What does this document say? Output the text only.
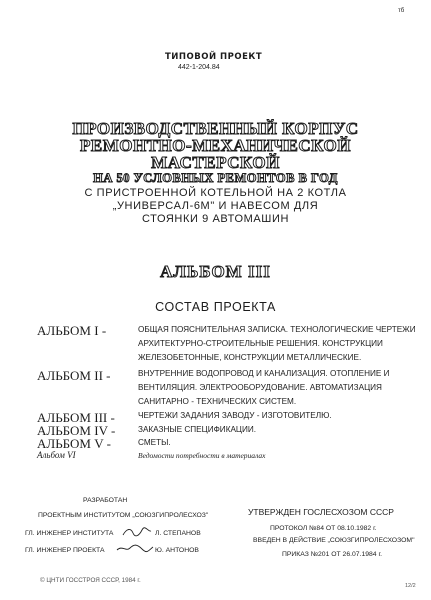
ТИПОВОЙ ПРОЕКТ
442-1-204.84
тб
ПРОИЗВОДСТВЕННЫЙ КОРПУС
РЕМОНТНО-МЕХАНИЧЕСКОЙ
МАСТЕРСКОЙ
НА 50 УСЛОВНЫХ РЕМОНТОВ В ГОД
С ПРИСТРОЕННОЙ КОТЕЛЬНОЙ НА 2 КОТЛА
„УНИВЕРСАЛ-6М" И НАВЕСОМ ДЛЯ
СТОЯНКИ 9 АВТОМАШИН
АЛЬБОМ III
СОСТАВ ПРОЕКТА
АЛЬБОМ I -	ОБЩАЯ ПОЯСНИТЕЛЬНАЯ ЗАПИСКА. ТЕХНОЛОГИЧЕСКИЕ ЧЕРТЕЖИ
АРХИТЕКТУРНО-СТРОИТЕЛЬНЫЕ РЕШЕНИЯ. КОНСТРУКЦИИ
ЖЕЛЕЗОБЕТОННЫЕ, КОНСТРУКЦИИ МЕТАЛЛИЧЕСКИЕ.
АЛЬБОМ II -	ВНУТРЕННИЕ ВОДОПРОВОД И КАНАЛИЗАЦИЯ. ОТОПЛЕНИЕ И
ВЕНТИЛЯЦИЯ. ЭЛЕКТРООБОРУДОВАНИЕ. АВТОМАТИЗАЦИЯ
САНИТАРНО - ТЕХНИЧЕСКИХ СИСТЕМ.
АЛЬБОМ III -	ЧЕРТЕЖИ ЗАДАНИЯ ЗАВОДУ - ИЗГОТОВИТЕЛЮ.
АЛЬБОМ IV -	ЗАКАЗНЫЕ СПЕЦИФИКАЦИИ.
АЛЬБОМ V -	СМЕТЫ.
Альбом VI	Ведомости потребности в материалах
РАЗРАБОТАН
ПРОЕКТНЫМ ИНСТИТУТОМ „СОЮЗГИПРОЛЕСХОЗ"
ГЛ. ИНЖЕНЕР ИНСТИТУТА	Л. СТЕПАНОВ
ГЛ. ИНЖЕНЕР ПРОЕКТА	Ю. АНТОНОВ
УТВЕРЖДЕН ГОСЛЕСХОЗОМ СССР
ПРОТОКОЛ №84 ОТ 08.10.1982 г.
ВВЕДЕН В ДЕЙСТВИЕ „СОЮЗГИПРОЛЕСХОЗОМ"
ПРИКАЗ №201 ОТ 26.07.1984 г.
© ЦНТИ ГОССТРОЯ СССР, 1984 г.
12/2
